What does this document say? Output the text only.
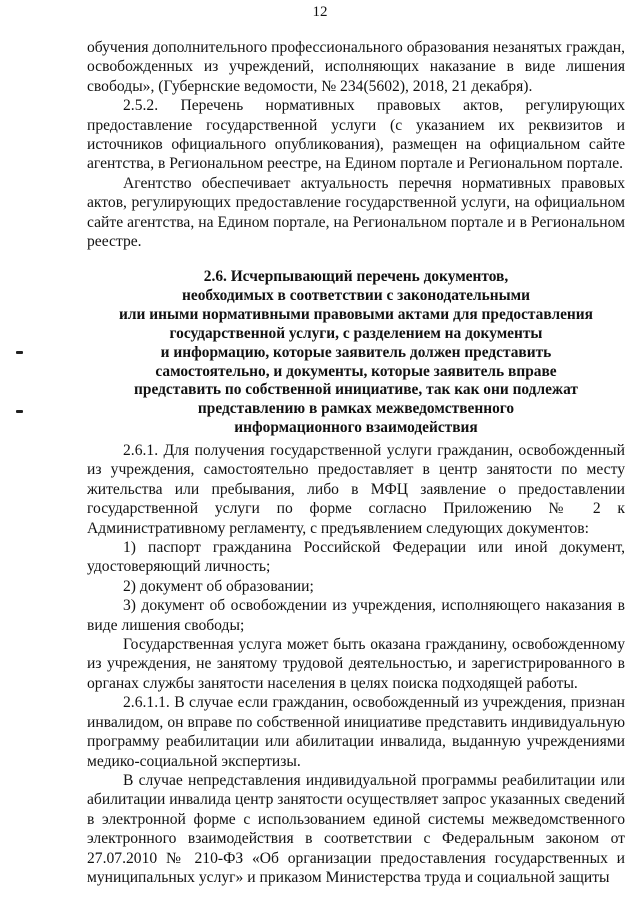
12

обучения дополнительного профессионального образования незанятых граждан, освобожденных из учреждений, исполняющих наказание в виде лишения свободы», (Губернские ведомости, № 234(5602), 2018, 21 декабря).

2.5.2. Перечень нормативных правовых актов, регулирующих предоставление государственной услуги (с указанием их реквизитов и источников официального опубликования), размещен на официальном сайте агентства, в Региональном реестре, на Едином портале и Региональном портале.

Агентство обеспечивает актуальность перечня нормативных правовых актов, регулирующих предоставление государственной услуги, на официальном сайте агентства, на Едином портале, на Региональном портале и в Региональном реестре.

2.6. Исчерпывающий перечень документов,
необходимых в соответствии с законодательными
или иными нормативными правовыми актами для предоставления
государственной услуги, с разделением на документы
и информацию, которые заявитель должен представить
самостоятельно, и документы, которые заявитель вправе
представить по собственной инициативе, так как они подлежат
представлению в рамках межведомственного
информационного взаимодействия

2.6.1. Для получения государственной услуги гражданин, освобожденный из учреждения, самостоятельно предоставляет в центр занятости по месту жительства или пребывания, либо в МФЦ заявление о предоставлении государственной услуги по форме согласно Приложению № 2 к Административному регламенту, с предъявлением следующих документов:

1) паспорт гражданина Российской Федерации или иной документ, удостоверяющий личность;

2) документ об образовании;

3) документ об освобождении из учреждения, исполняющего наказания в виде лишения свободы;

Государственная услуга может быть оказана гражданину, освобожденному из учреждения, не занятому трудовой деятельностью, и зарегистрированного в органах службы занятости населения в целях поиска подходящей работы.

2.6.1.1. В случае если гражданин, освобожденный из учреждения, признан инвалидом, он вправе по собственной инициативе представить индивидуальную программу реабилитации или абилитации инвалида, выданную учреждениями медико-социальной экспертизы.

В случае непредставления индивидуальной программы реабилитации или абилитации инвалида центр занятости осуществляет запрос указанных сведений в электронной форме с использованием единой системы межведомственного электронного взаимодействия в соответствии с Федеральным законом от 27.07.2010 № 210-ФЗ «Об организации предоставления государственных и муниципальных услуг» и приказом Министерства труда и социальной защиты
